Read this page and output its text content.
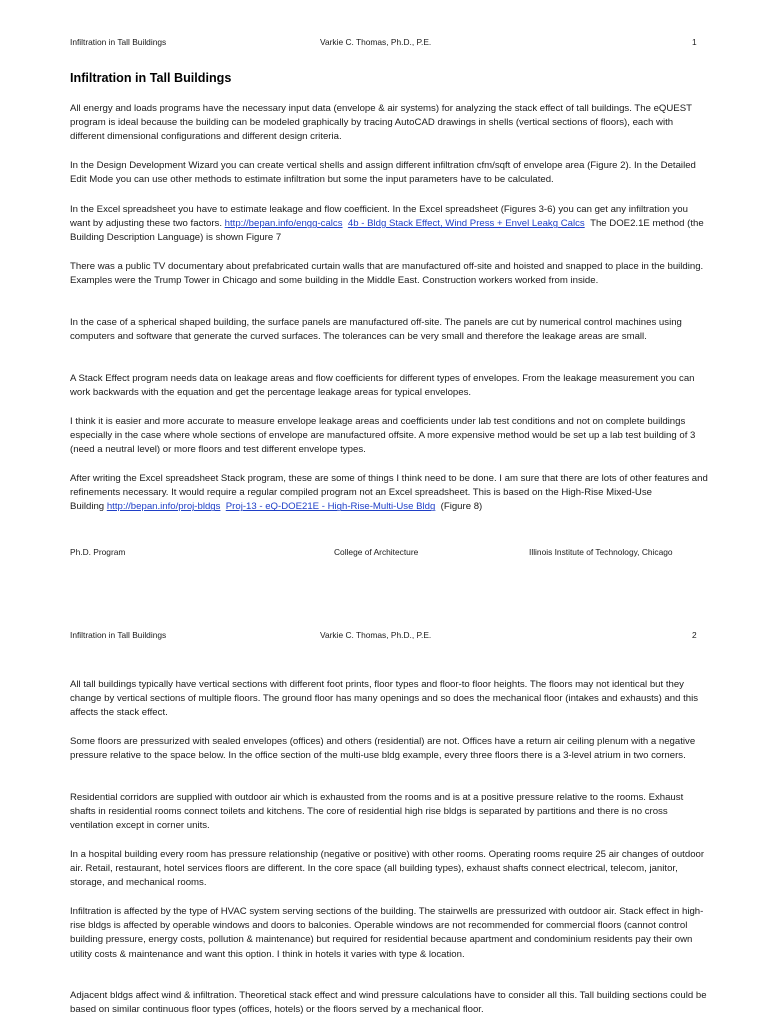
Infiltration in Tall Buildings	Varkie C. Thomas, Ph.D., P.E.	1
Infiltration in Tall Buildings

All energy and loads programs have the necessary input data (envelope & air systems) for analyzing the stack effect of tall buildings. The eQUEST program is ideal because the building can be modeled graphically by tracing AutoCAD drawings in shells (vertical sections of floors), each with different dimensional configurations and different design criteria.

In the Design Development Wizard you can create vertical shells and assign different infiltration cfm/sqft of envelope area (Figure 2). In the Detailed Edit Mode you can use other methods to estimate infiltration but some the input parameters have to be calculated.

In the Excel spreadsheet you have to estimate leakage and flow coefficient. In the Excel spreadsheet (Figures 3-6) you can get any infiltration you want by adjusting these two factors. http://bepan.info/engg-calcs 4b - Bldg Stack Effect, Wind Press + Envel Leakg Calcs The DOE2.1E method (the Building Description Language) is shown Figure 7

There was a public TV documentary about prefabricated curtain walls that are manufactured off-site and hoisted and snapped to place in the building. Examples were the Trump Tower in Chicago and some building in the Middle East. Construction workers worked from inside.

In the case of a spherical shaped building, the surface panels are manufactured off-site. The panels are cut by numerical control machines using computers and software that generate the curved surfaces. The tolerances can be very small and therefore the leakage areas are small.

A Stack Effect program needs data on leakage areas and flow coefficients for different types of envelopes. From the leakage measurement you can work backwards with the equation and get the percentage leakage areas for typical envelopes.

I think it is easier and more accurate to measure envelope leakage areas and coefficients under lab test conditions and not on complete buildings especially in the case where whole sections of envelope are manufactured offsite. A more expensive method would be set up a lab test building of 3 (need a neutral level) or more floors and test different envelope types.

After writing the Excel spreadsheet Stack program, these are some of things I think need to be done. I am sure that there are lots of other features and refinements necessary. It would require a regular compiled program not an Excel spreadsheet. This is based on the High-Rise Mixed-Use Building http://bepan.info/proj-bldgs Proj-13 - eQ-DOE21E - High-Rise-Multi-Use Bldg (Figure 8)

Ph.D. Program	College of Architecture	Illinois Institute of Technology, Chicago
Infiltration in Tall Buildings	Varkie C. Thomas, Ph.D., P.E.	2

All tall buildings typically have vertical sections with different foot prints, floor types and floor-to floor heights. The floors may not identical but they change by vertical sections of multiple floors. The ground floor has many openings and so does the mechanical floor (intakes and exhausts) and this affects the stack effect.

Some floors are pressurized with sealed envelopes (offices) and others (residential) are not. Offices have a return air ceiling plenum with a negative pressure relative to the space below. In the office section of the multi-use bldg example, every three floors there is a 3-level atrium in two corners.

Residential corridors are supplied with outdoor air which is exhausted from the rooms and is at a positive pressure relative to the rooms. Exhaust shafts in residential rooms connect toilets and kitchens. The core of residential high rise bldgs is separated by partitions and there is no cross ventilation except in corner units.

In a hospital building every room has pressure relationship (negative or positive) with other rooms. Operating rooms require 25 air changes of outdoor air. Retail, restaurant, hotel services floors are different. In the core space (all building types), exhaust shafts connect electrical, telecom, janitor, storage, and mechanical rooms.

Infiltration is affected by the type of HVAC system serving sections of the building. The stairwells are pressurized with outdoor air. Stack effect in high-rise bldgs is affected by operable windows and doors to balconies. Operable windows are not recommended for commercial floors (cannot control building pressure, energy costs, pollution & maintenance) but required for residential because apartment and condominium residents pay their own utility costs & maintenance and want this option. I think in hotels it varies with type & location.

Adjacent bldgs affect wind & infiltration. Theoretical stack effect and wind pressure calculations have to consider all this. Tall building sections could be based on similar continuous floor types (offices, hotels) or the floors served by a mechanical floor.
